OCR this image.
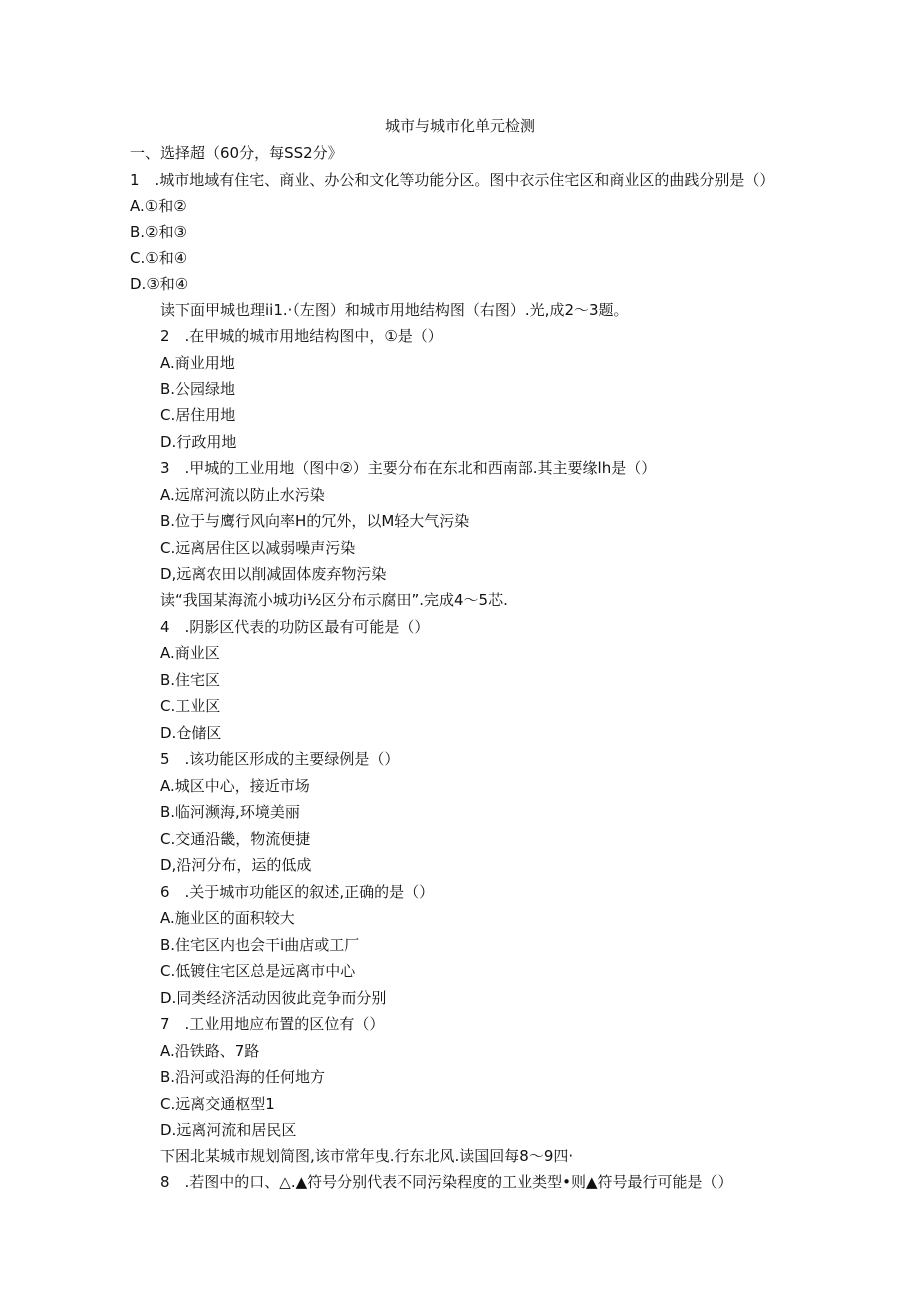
城市与城市化单元检测
一、选择超（60分，每SS2分》
1　.城市地域有住宅、商业、办公和文化等功能分区。图中衣示住宅区和商业区的曲践分别是（）
A.①和②
B.②和③
C.①和④
D.③和④
读下面甲城也理ii1.·（左图）和城市用地结构图（右图）.光,成2〜3题。
2　.在甲城的城市用地结构图中，①是（）
A.商业用地
B.公园绿地
C.居住用地
D.行政用地
3　.甲城的工业用地（图中②）主要分布在东北和西南部.其主要缘lh是（）
A.远席河流以防止水污染
B.位于与鹰行风向率H的冗外，以M轻大气污染
C.远离居住区以减弱噪声污染
D,远离农田以削减固体废弃物污染
读“我国某海流小城功i½区分布示腐田”.完成4〜5芯.
4　.阴影区代表的功防区最有可能是（）
A.商业区
B.住宅区
C.工业区
D.仓储区
5　.该功能区形成的主要绿例是（）
A.城区中心，接近市场
B.临河濒海,环境美丽
C.交通沿畿，物流便捷
D,沿河分布，运的低成
6　.关于城市功能区的叙述,正确的是（）
A.施业区的面积较大
B.住宅区内也会干i曲店或工厂
C.低镀住宅区总是远离市中心
D.同类经济活动因彼此竞争而分别
7　.工业用地应布置的区位有（）
A.沿铁路、7路
B.沿河或沿海的任何地方
C.远离交通枢型1
D.远离河流和居民区
下困北某城市规划简图,该市常年曳.行东北风.读国回每8〜9四·
8　.若图中的口、△.▲符号分别代表不同污染程度的工业类型•则▲符号最行可能是（）
